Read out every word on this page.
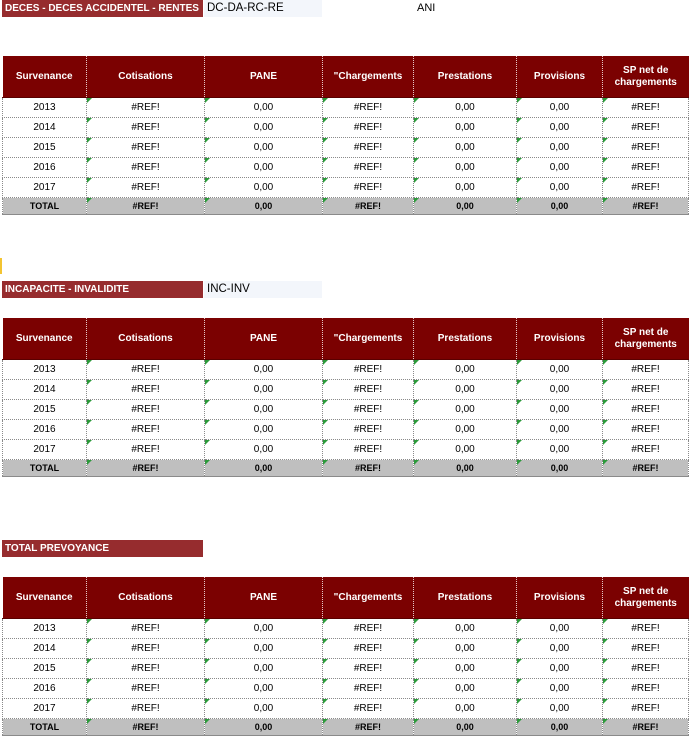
DECES - DECES ACCIDENTEL - RENTES DC-DA-RC-RE	ANI
Survenance	Cotisations	PANE	"Chargements	Prestations	Provisions	SP net de chargements
2013	#REF!	0,00	#REF!	0,00	0,00	#REF!
2014	#REF!	0,00	#REF!	0,00	0,00	#REF!
2015	#REF!	0,00	#REF!	0,00	0,00	#REF!
2016	#REF!	0,00	#REF!	0,00	0,00	#REF!
2017	#REF!	0,00	#REF!	0,00	0,00	#REF!
TOTAL	#REF!	0,00	#REF!	0,00	0,00	#REF!
INCAPACITE - INVALIDITE	INC-INV
Survenance	Cotisations	PANE	"Chargements	Prestations	Provisions	SP net de chargements
2013	#REF!	0,00	#REF!	0,00	0,00	#REF!
2014	#REF!	0,00	#REF!	0,00	0,00	#REF!
2015	#REF!	0,00	#REF!	0,00	0,00	#REF!
2016	#REF!	0,00	#REF!	0,00	0,00	#REF!
2017	#REF!	0,00	#REF!	0,00	0,00	#REF!
TOTAL	#REF!	0,00	#REF!	0,00	0,00	#REF!
TOTAL PREVOYANCE
Survenance	Cotisations	PANE	"Chargements	Prestations	Provisions	SP net de chargements
2013	#REF!	0,00	#REF!	0,00	0,00	#REF!
2014	#REF!	0,00	#REF!	0,00	0,00	#REF!
2015	#REF!	0,00	#REF!	0,00	0,00	#REF!
2016	#REF!	0,00	#REF!	0,00	0,00	#REF!
2017	#REF!	0,00	#REF!	0,00	0,00	#REF!
TOTAL	#REF!	0,00	#REF!	0,00	0,00	#REF!
